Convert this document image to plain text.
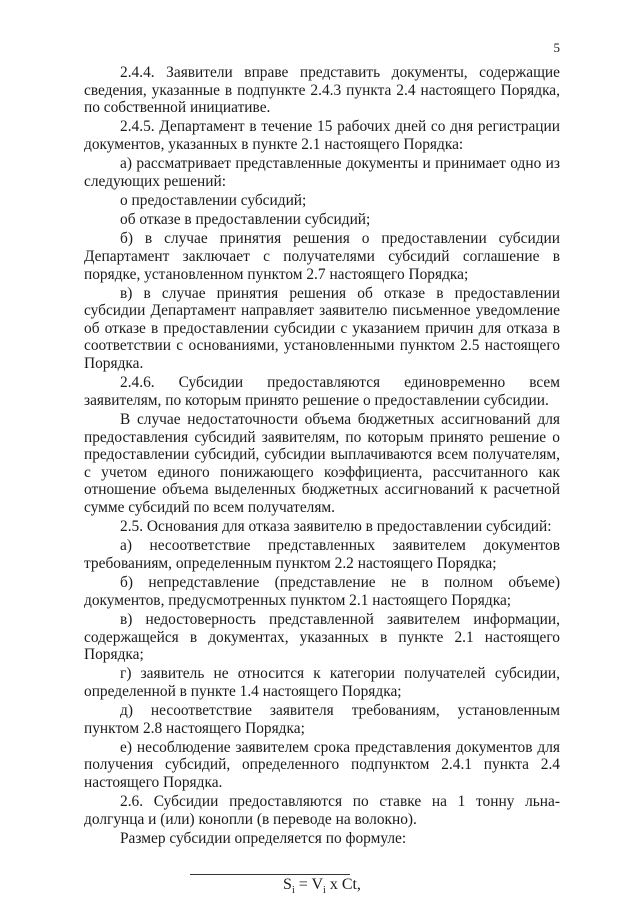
5

2.4.4. Заявители вправе представить документы, содержащие сведения, указанные в подпункте 2.4.3 пункта 2.4 настоящего Порядка, по собственной инициативе.

2.4.5. Департамент в течение 15 рабочих дней со дня регистрации документов, указанных в пункте 2.1 настоящего Порядка:

а) рассматривает представленные документы и принимает одно из следующих решений:

о предоставлении субсидий;

об отказе в предоставлении субсидий;

б) в случае принятия решения о предоставлении субсидии Департамент заключает с получателями субсидий соглашение в порядке, установленном пунктом 2.7 настоящего Порядка;

в) в случае принятия решения об отказе в предоставлении субсидии Департамент направляет заявителю письменное уведомление об отказе в предоставлении субсидии с указанием причин для отказа в соответствии с основаниями, установленными пунктом 2.5 настоящего Порядка.

2.4.6. Субсидии предоставляются единовременно всем заявителям, по которым принято решение о предоставлении субсидии.

В случае недостаточности объема бюджетных ассигнований для предоставления субсидий заявителям, по которым принято решение о предоставлении субсидий, субсидии выплачиваются всем получателям, с учетом единого понижающего коэффициента, рассчитанного как отношение объема выделенных бюджетных ассигнований к расчетной сумме субсидий по всем получателям.

2.5. Основания для отказа заявителю в предоставлении субсидий:

а) несоответствие представленных заявителем документов требованиям, определенным пунктом 2.2 настоящего Порядка;

б) непредставление (представление не в полном объеме) документов, предусмотренных пунктом 2.1 настоящего Порядка;

в) недостоверность представленной заявителем информации, содержащейся в документах, указанных в пункте 2.1 настоящего Порядка;

г) заявитель не относится к категории получателей субсидии, определенной в пункте 1.4 настоящего Порядка;

д) несоответствие заявителя требованиям, установленным пунктом 2.8 настоящего Порядка;

е) несоблюдение заявителем срока представления документов для получения субсидий, определенного подпунктом 2.4.1 пункта 2.4 настоящего Порядка.

2.6. Субсидии предоставляются по ставке на 1 тонну льна-долгунца и (или) конопли (в переводе на волокно).

Размер субсидии определяется по формуле:

$S_i = V_i$ x Ct,
